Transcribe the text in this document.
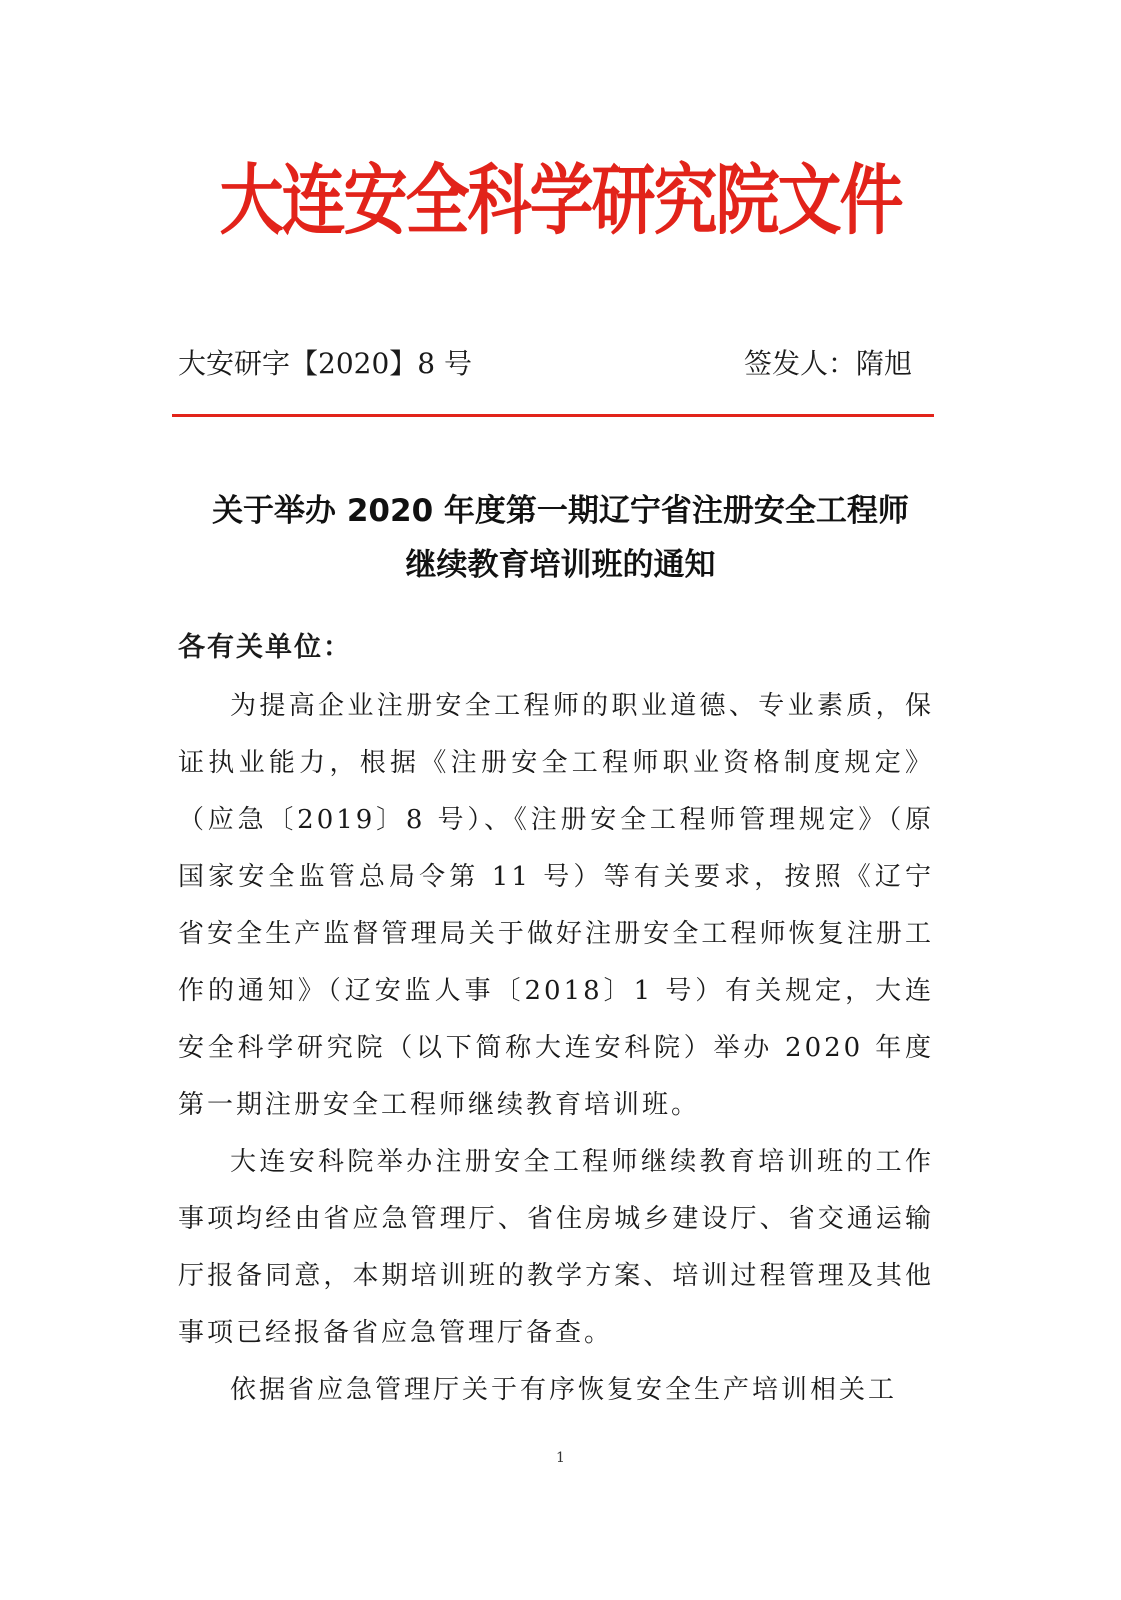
大连安全科学研究院文件
大安研字【2020】8 号	签发人：隋旭
关于举办 2020 年度第一期辽宁省注册安全工程师
继续教育培训班的通知
各有关单位：

为提高企业注册安全工程师的职业道德、专业素质，保证执业能力，根据《注册安全工程师职业资格制度规定》（应急〔2019〕8 号）、《注册安全工程师管理规定》（原国家安全监管总局令第 11 号）等有关要求，按照《辽宁省安全生产监督管理局关于做好注册安全工程师恢复注册工作的通知》（辽安监人事〔2018〕1 号）有关规定，大连安全科学研究院（以下简称大连安科院）举办 2020 年度第一期注册安全工程师继续教育培训班。

大连安科院举办注册安全工程师继续教育培训班的工作事项均经由省应急管理厅、省住房城乡建设厅、省交通运输厅报备同意，本期培训班的教学方案、培训过程管理及其他事项已经报备省应急管理厅备查。

依据省应急管理厅关于有序恢复安全生产培训相关工

1
